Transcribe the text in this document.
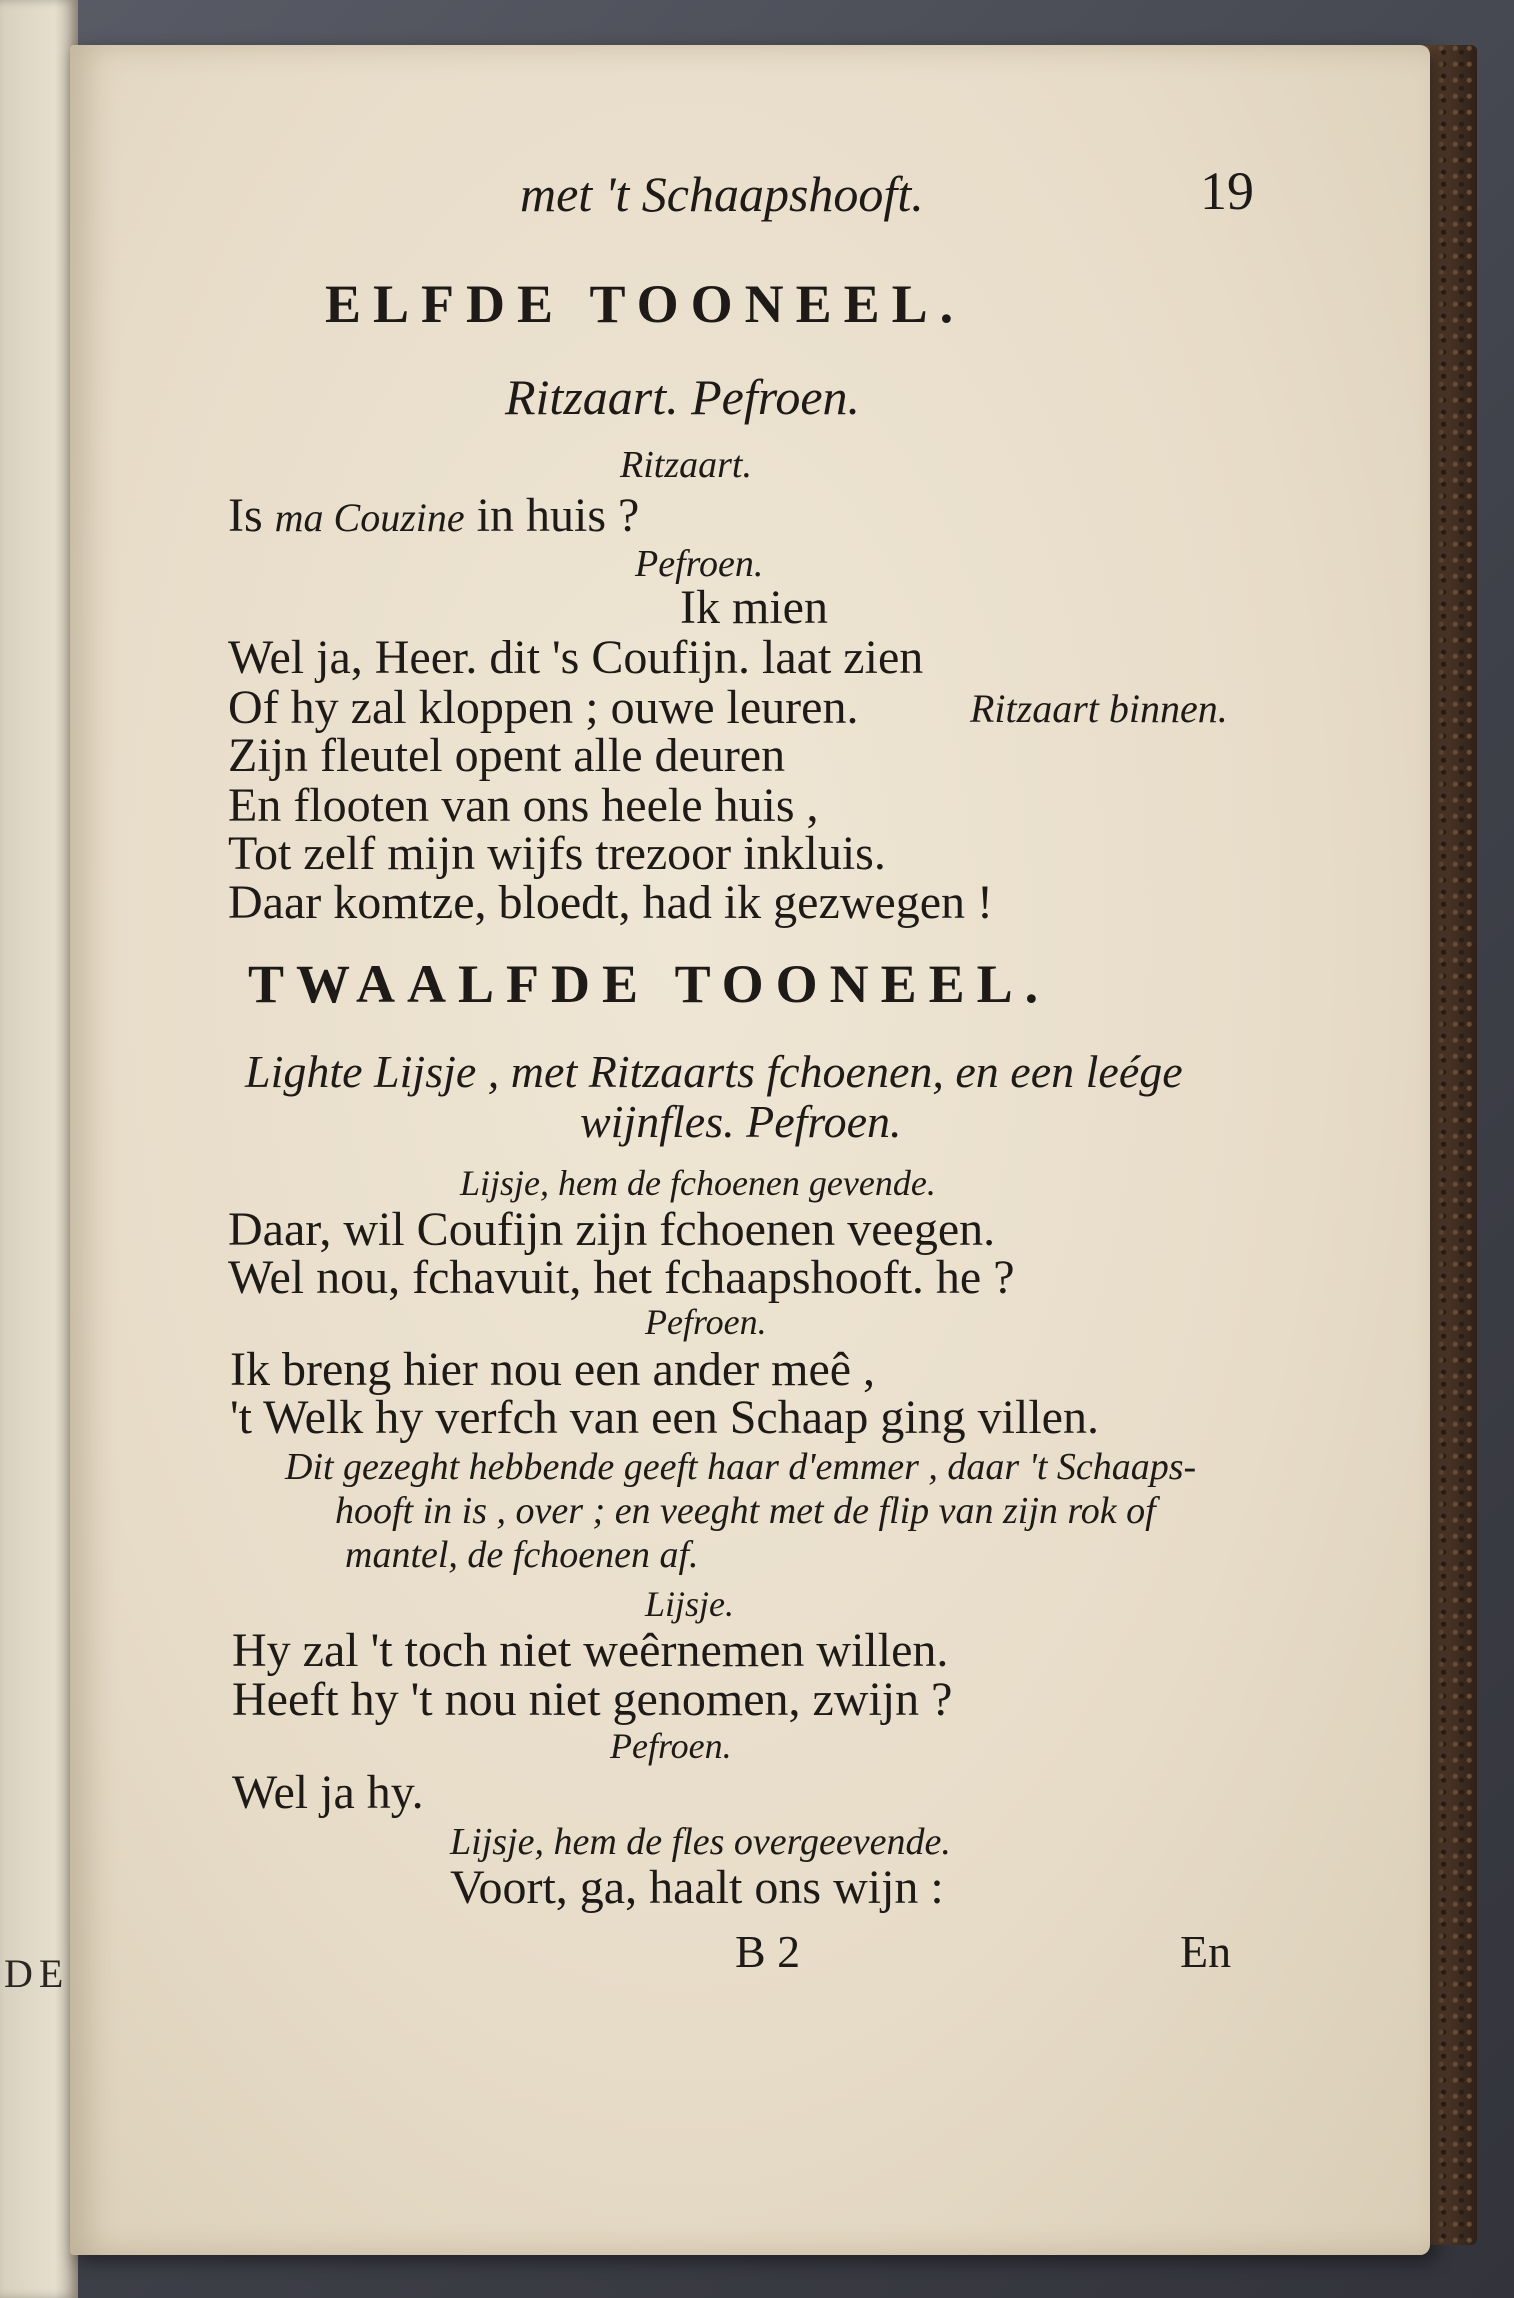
DE
met 't Schaapshooft.	19
ELFDE TOONEEL.
Ritzaart. Pefroen.
Ritzaart.
Is ma Couzine in huis ?
Pefroen.
Ik mien
Wel ja, Heer. dit 's Coufijn. laat zien
Of hy zal kloppen ; ouwe leuren.	Ritzaart binnen.
Zijn fleutel opent alle deuren
En flooten van ons heele huis ,
Tot zelf mijn wijfs trezoor inkluis.
Daar komtze, bloedt, had ik gezwegen !
TWAALFDE TOONEEL.
Lighte Lijsje , met Ritzaarts fchoenen, en een leége
wijnfles. Pefroen.
Lijsje, hem de fchoenen gevende.
Daar, wil Coufijn zijn fchoenen veegen.
Wel nou, fchavuit, het fchaapshooft. he ?
Pefroen.
Ik breng hier nou een ander meê ,
't Welk hy verfch van een Schaap ging villen.
Dit gezeght hebbende geeft haar d'emmer , daar 't Schaaps-
hooft in is , over ; en veeght met de flip van zijn rok of
mantel, de fchoenen af.
Lijsje.
Hy zal 't toch niet weêrnemen willen.
Heeft hy 't nou niet genomen, zwijn ?
Pefroen.
Wel ja hy.
Lijsje, hem de fles overgeevende.
Voort, ga, haalt ons wijn :
B 2	En
